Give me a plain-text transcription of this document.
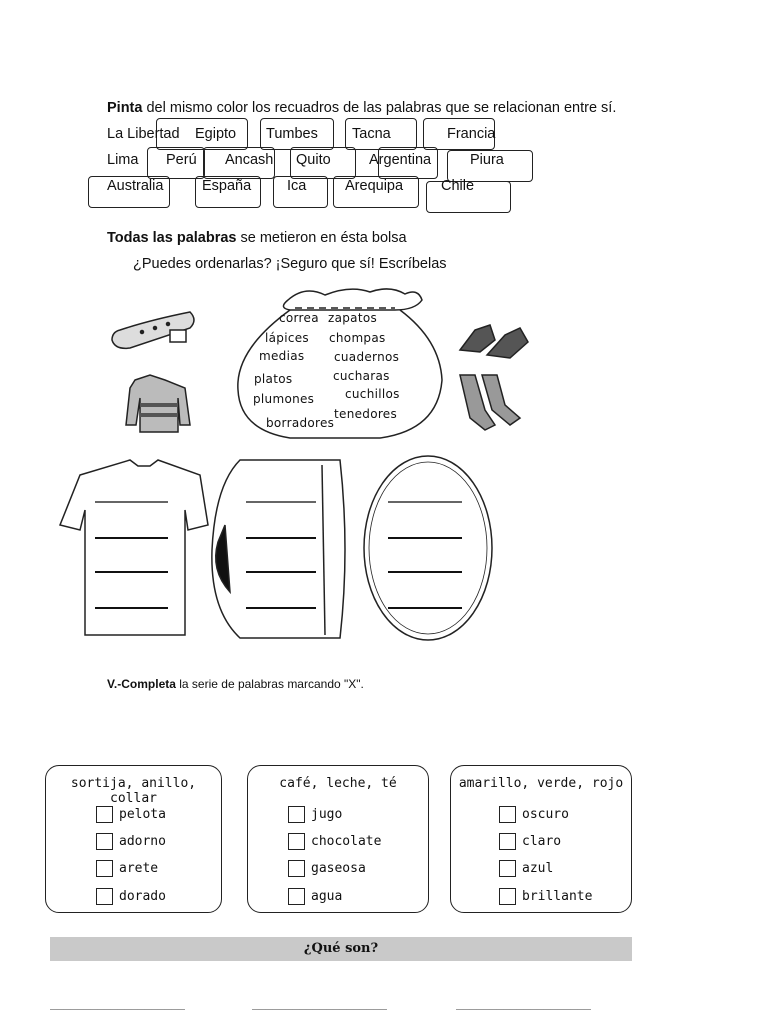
Pinta del mismo color los recuadros de las palabras que se relacionan entre sí.
La Libertad Egipto Tumbes Tacna	Francia
Lima Perú Ancash Quito	Argentina	Piura
Australia	España Ica	Arequipa	Chile
Todas las palabras se metieron en ésta bolsa
¿Puedes ordenarlas? ¡Seguro que sí! Escríbelas
correa zapatos
lápices chompas
medias cuadernos
platos	cucharas
cuchillos
plumones
tenedores
borradores
V.-Completa la serie de palabras marcando "X".
sortija, anillo, collar
pelota
adorno
arete
dorado
café, leche, té
jugo
chocolate
gaseosa
agua
amarillo, verde, rojo
oscuro
claro
azul
brillante
¿Qué son?
____________________	____________________	____________________
